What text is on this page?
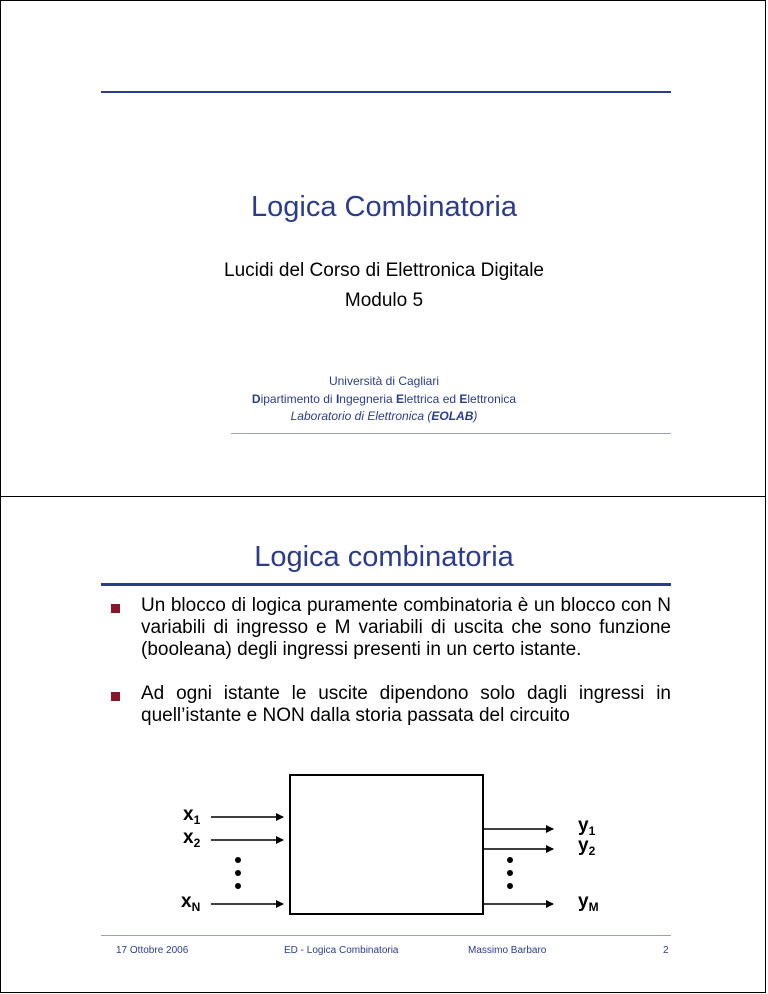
Logica Combinatoria
Lucidi del Corso di Elettronica Digitale
Modulo 5
Università di Cagliari
Dipartimento di Ingegneria Elettrica ed Elettronica
Laboratorio di Elettronica (EOLAB)
Logica combinatoria
Un blocco di logica puramente combinatoria è un blocco con N variabili di ingresso e M variabili di uscita che sono funzione (booleana) degli ingressi presenti in un certo istante.
Ad ogni istante le uscite dipendono solo dagli ingressi in quell’istante e NON dalla storia passata del circuito
$x_1$
$x_2$
$x_N$
$y_1$
$y_2$
$y_M$
17 Ottobre 2006	ED - Logica Combinatoria	Massimo Barbaro	2
